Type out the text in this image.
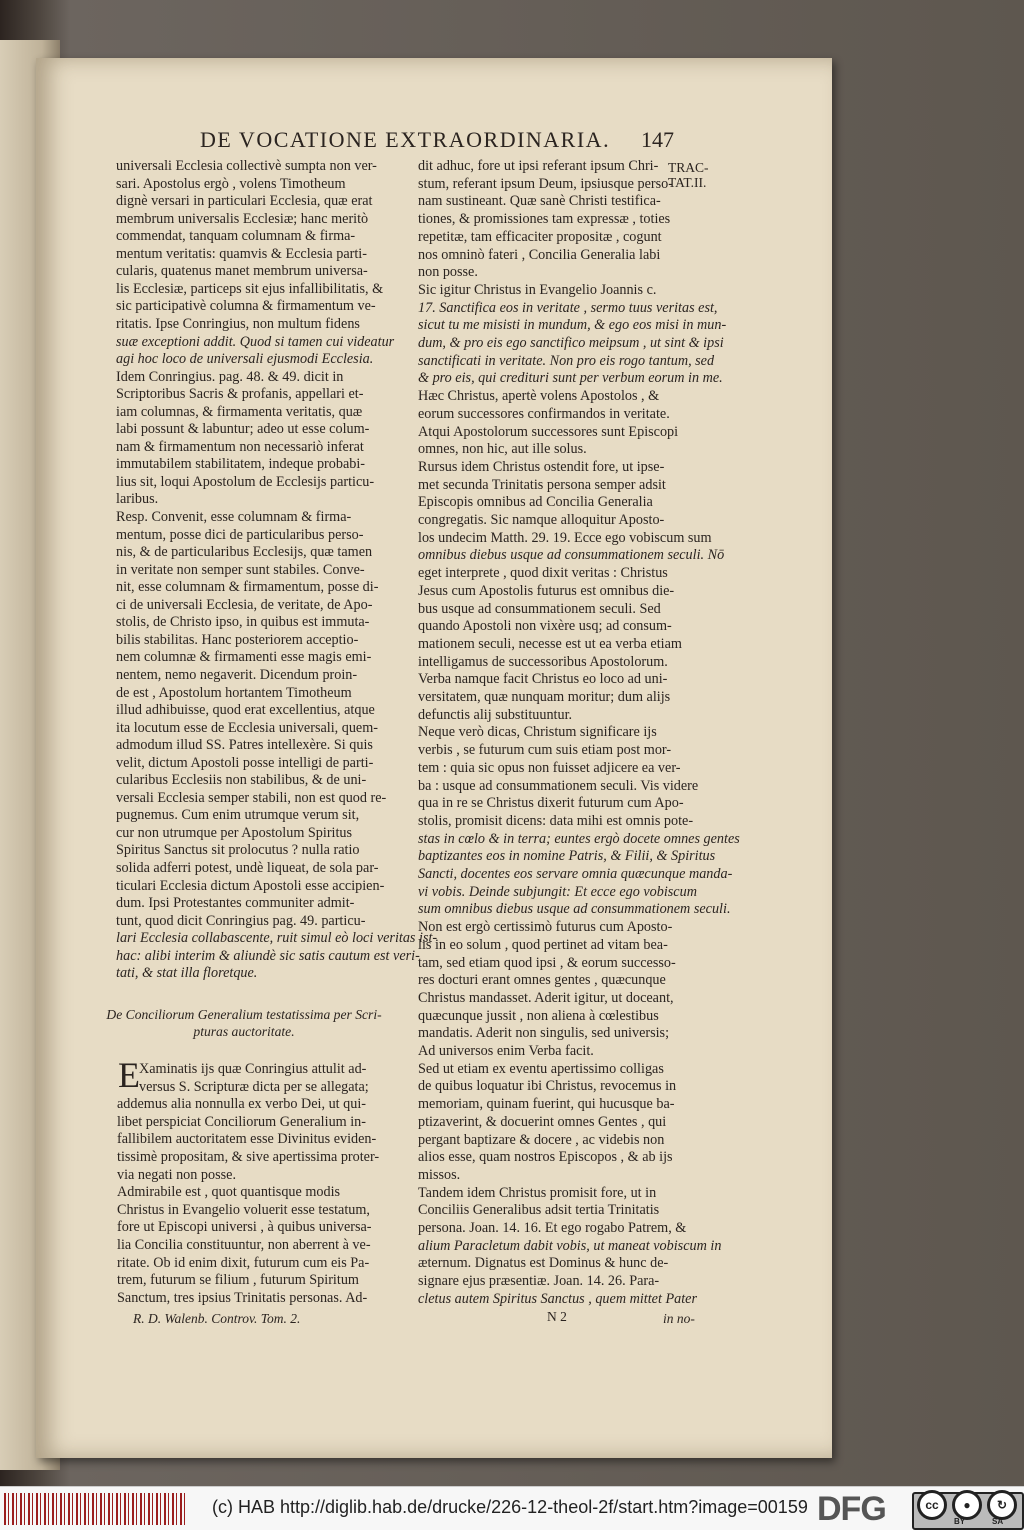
DE VOCATIONE EXTRAORDINARIA. 147
TRAC-
TAT.II.
universali Ecclesia collectivè sumpta non ver-
sari. Apostolus ergò , volens Timotheum
dignè versari in particulari Ecclesia, quæ erat
membrum universalis Ecclesiæ; hanc meritò
commendat, tanquam columnam & firma-
mentum veritatis: quamvis & Ecclesia parti-
cularis, quatenus manet membrum universa-
lis Ecclesiæ, particeps sit ejus infallibilitatis, &
sic participativè columna & firmamentum ve-
ritatis. Ipse Conringius, non multum fidens
suæ exceptioni addit. Quod si tamen cui videatur
agi hoc loco de universali ejusmodi Ecclesia.
Idem Conringius. pag. 48. & 49. dicit in
Scriptoribus Sacris & profanis, appellari et-
iam columnas, & firmamenta veritatis, quæ
labi possunt & labuntur; adeo ut esse colum-
nam & firmamentum non necessariò inferat
immutabilem stabilitatem, indeque probabi-
lius sit, loqui Apostolum de Ecclesijs particu-
laribus.
Resp. Convenit, esse columnam & firma-
mentum, posse dici de particularibus perso-
nis, & de particularibus Ecclesijs, quæ tamen
in veritate non semper sunt stabiles. Conve-
nit, esse columnam & firmamentum, posse di-
ci de universali Ecclesia, de veritate, de Apo-
stolis, de Christo ipso, in quibus est immuta-
bilis stabilitas. Hanc posteriorem acceptio-
nem columnæ & firmamenti esse magis emi-
nentem, nemo negaverit. Dicendum proin-
de est , Apostolum hortantem Timotheum
illud adhibuisse, quod erat excellentius, atque
ita locutum esse de Ecclesia universali, quem-
admodum illud SS. Patres intellexère. Si quis
velit, dictum Apostoli posse intelligi de parti-
cularibus Ecclesiis non stabilibus, & de uni-
versali Ecclesia semper stabili, non est quod re-
pugnemus. Cum enim utrumque verum sit,
cur non utrumque per Apostolum Spiritus
Spiritus Sanctus sit prolocutus ? nulla ratio
solida adferri potest, undè liqueat, de sola par-
ticulari Ecclesia dictum Apostoli esse accipien-
dum. Ipsi Protestantes communiter admit-
tunt, quod dicit Conringius pag. 49. particu-
lari Ecclesia collabascente, ruit simul eò loci veritas ist-
hac: alibi interim & aliundè sic satis cautum est veri-
tati, & stat illa floretque.
De Conciliorum Generalium testatissima per Scri-
pturas auctoritate.
E Xaminatis ijs quæ Conringius attulit ad-
versus S. Scripturæ dicta per se allegata;
addemus alia nonnulla ex verbo Dei, ut qui-
libet perspiciat Conciliorum Generalium in-
fallibilem auctoritatem esse Divinitus eviden-
tissimè propositam, & sive apertissima proter-
via negati non posse.
Admirabile est , quot quantisque modis
Christus in Evangelio voluerit esse testatum,
fore ut Episcopi universi , à quibus universa-
lia Concilia constituuntur, non aberrent à ve-
ritate. Ob id enim dixit, futurum cum eis Pa-
trem, futurum se filium , futurum Spiritum
Sanctum, tres ipsius Trinitatis personas. Ad-
dit adhuc, fore ut ipsi referant ipsum Chri-
stum, referant ipsum Deum, ipsiusque perso-
nam sustineant. Quæ sanè Christi testifica-
tiones, & promissiones tam expressæ , toties
repetitæ, tam efficaciter propositæ , cogunt
nos omninò fateri , Concilia Generalia labi
non posse.
Sic igitur Christus in Evangelio Joannis c.
17. Sanctifica eos in veritate , sermo tuus veritas est,
sicut tu me misisti in mundum, & ego eos misi in mun-
dum, & pro eis ego sanctifico meipsum , ut sint & ipsi
sanctificati in veritate. Non pro eis rogo tantum, sed
& pro eis, qui credituri sunt per verbum eorum in me.
Hæc Christus, apertè volens Apostolos , &
eorum successores confirmandos in veritate.
Atqui Apostolorum successores sunt Episcopi
omnes, non hic, aut ille solus.
Rursus idem Christus ostendit fore, ut ipse-
met secunda Trinitatis persona semper adsit
Episcopis omnibus ad Concilia Generalia
congregatis. Sic namque alloquitur Aposto-
los undecim Matth. 29. 19. Ecce ego vobiscum sum
omnibus diebus usque ad consummationem seculi. Nō
eget interprete , quod dixit veritas : Christus
Jesus cum Apostolis futurus est omnibus die-
bus usque ad consummationem seculi. Sed
quando Apostoli non vixère usq; ad consum-
mationem seculi, necesse est ut ea verba etiam
intelligamus de successoribus Apostolorum.
Verba namque facit Christus eo loco ad uni-
versitatem, quæ nunquam moritur; dum alijs
defunctis alij substituuntur.
Neque verò dicas, Christum significare ijs
verbis , se futurum cum suis etiam post mor-
tem : quia sic opus non fuisset adjicere ea ver-
ba : usque ad consummationem seculi. Vis videre
qua in re se Christus dixerit futurum cum Apo-
stolis, promisit dicens: data mihi est omnis pote-
stas in cœlo & in terra; euntes ergò docete omnes gentes
baptizantes eos in nomine Patris, & Filii, & Spiritus
Sancti, docentes eos servare omnia quæcunque manda-
vi vobis. Deinde subjungit: Et ecce ego vobiscum
sum omnibus diebus usque ad consummationem seculi.
Non est ergò certissimò futurus cum Aposto-
lis in eo solum , quod pertinet ad vitam bea-
tam, sed etiam quod ipsi , & eorum successo-
res docturi erant omnes gentes , quæcunque
Christus mandasset. Aderit igitur, ut doceant,
quæcunque jussit , non aliena à cœlestibus
mandatis. Aderit non singulis, sed universis;
Ad universos enim Verba facit.
Sed ut etiam ex eventu apertissimo colligas
de quibus loquatur ibi Christus, revocemus in
memoriam, quinam fuerint, qui hucusque ba-
ptizaverint, & docuerint omnes Gentes , qui
pergant baptizare & docere , ac videbis non
alios esse, quam nostros Episcopos , & ab ijs
missos.
Tandem idem Christus promisit fore, ut in
Conciliis Generalibus adsit tertia Trinitatis
persona. Joan. 14. 16. Et ego rogabo Patrem, &
alium Paracletum dabit vobis, ut maneat vobiscum in
æternum. Dignatus est Dominus & hunc de-
signare ejus præsentiæ. Joan. 14. 26. Para-
cletus autem Spiritus Sanctus , quem mittet Pater
R. D. Walenb. Controv. Tom. 2.	N 2	in no-
(c) HAB http://diglib.hab.de/drucke/226-12-theol-2f/start.htm?image=00159 DFG	cc	●	↻
BY	SA
